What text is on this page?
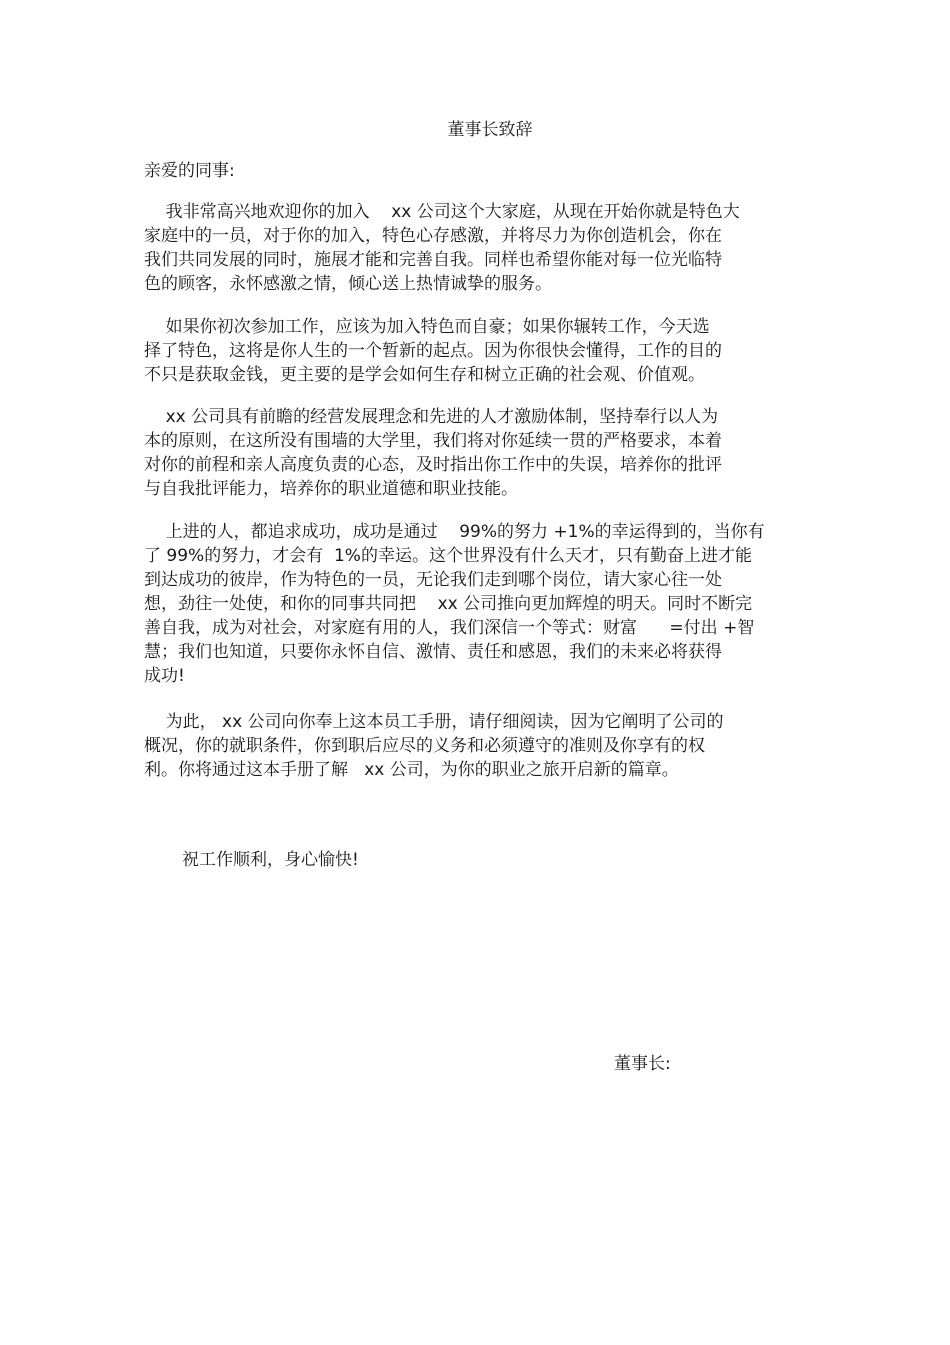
董事长致辞
亲爱的同事:
我非常高兴地欢迎你的加入    xx 公司这个大家庭，从现在开始你就是特色大
家庭中的一员，对于你的加入，特色心存感激，并将尽力为你创造机会，你在
我们共同发展的同时，施展才能和完善自我。同样也希望你能对每一位光临特
色的顾客，永怀感激之情，倾心送上热情诚挚的服务。
如果你初次参加工作，应该为加入特色而自豪；如果你辗转工作，今天选
择了特色，这将是你人生的一个暂新的起点。因为你很快会懂得，工作的目的
不只是获取金钱，更主要的是学会如何生存和树立正确的社会观、价值观。
xx 公司具有前瞻的经营发展理念和先进的人才激励体制，坚持奉行以人为
本的原则，在这所没有围墙的大学里，我们将对你延续一贯的严格要求，本着
对你的前程和亲人高度负责的心态，及时指出你工作中的失误，培养你的批评
与自我批评能力，培养你的职业道德和职业技能。
上进的人，都追求成功，成功是通过    99%的努力 +1%的幸运得到的，当你有
了 99%的努力，才会有  1%的幸运。这个世界没有什么天才，只有勤奋上进才能
到达成功的彼岸，作为特色的一员，无论我们走到哪个岗位，请大家心往一处
想，劲往一处使，和你的同事共同把    xx 公司推向更加辉煌的明天。同时不断完
善自我，成为对社会，对家庭有用的人，我们深信一个等式：财富      =付出 +智
慧；我们也知道，只要你永怀自信、激情、责任和感恩，我们的未来必将获得
成功!
为此， xx 公司向你奉上这本员工手册，请仔细阅读，因为它阐明了公司的
概况，你的就职条件，你到职后应尽的义务和必须遵守的准则及你享有的权
利。你将通过这本手册了解   xx 公司，为你的职业之旅开启新的篇章。
祝工作顺利，身心愉快!
董事长:
